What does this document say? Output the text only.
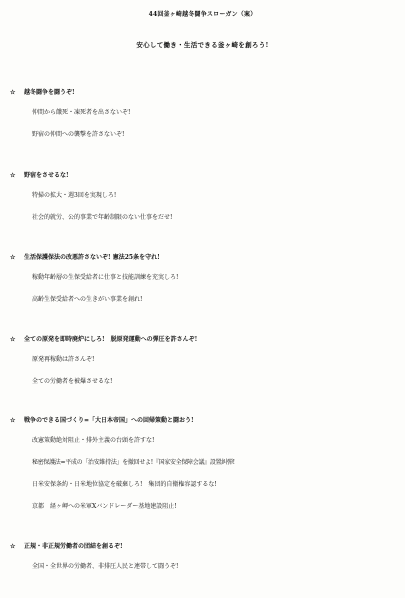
44回釜ヶ崎越冬闘争スローガン（案）
安心して働き・生活できる釜ヶ崎を創ろう!
☆ 越冬闘争を闘うぞ!
仲間から餓死・凍死者を出さないぞ!
野宿の仲間への襲撃を許さないぞ!
☆ 野宿をさせるな!
特掃の拡大・週3回を実現しろ!
社会的就労、公的事業で年齢制限のない仕事をだせ!
☆ 生活保護保法の改悪許さないぞ! 憲法25条を守れ!
稼動年齢層の生保受給者に仕事と技能訓練を充実しろ!
高齢生保受給者への生きがい事業を創れ!
☆ 全ての原発を即時廃炉にしろ!　脱原発運動への弾圧を許さんぞ!
原発再稼動は許さんぞ!
全ての労働者を被爆させるな!
☆ 戦争のできる国づくり=「大日本帝国」への回帰策動と闘おう!
改憲策動絶対阻止・排外主義の台頭を許すな!
秘密保護法=平成の「治安維持法」を撤回せよ!『国家安全保障会議』設置糾弾!
日米安保条約・日米地位協定を破棄しろ!　集団的自衛権容認するな!
京都　経ヶ岬への米軍Xバンドレーダー基地建設阻止!
☆ 正規・非正規労働者の団結を創るぞ!
全国・全世界の労働者、非排圧人民と連帯して闘うぞ!
